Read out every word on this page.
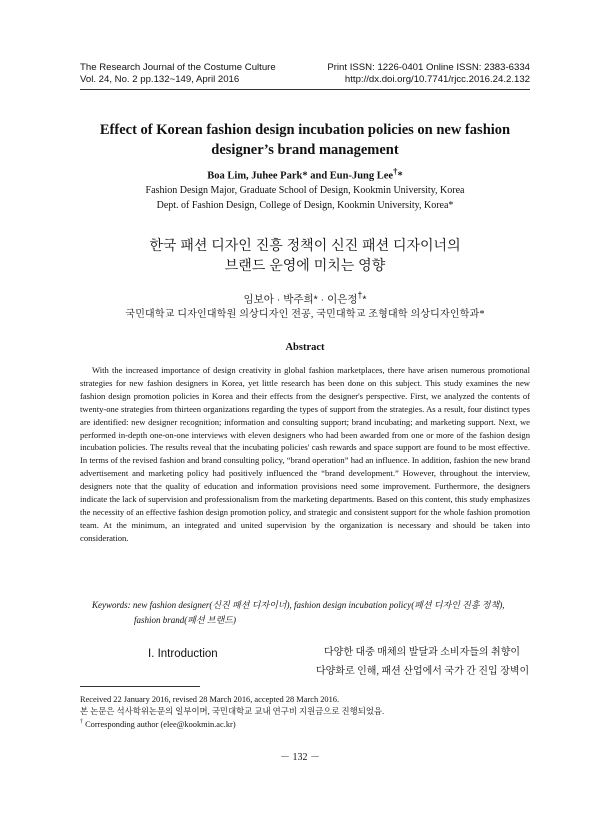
The Research Journal of the Costume Culture	Print ISSN: 1226-0401 Online ISSN: 2383-6334
Vol. 24, No. 2 pp.132~149, April 2016	http://dx.doi.org/10.7741/rjcc.2016.24.2.132
Effect of Korean fashion design incubation policies on new fashion
designer’s brand management
Boa Lim, Juhee Park* and Eun-Jung Lee†*
Fashion Design Major, Graduate School of Design, Kookmin University, Korea
Dept. of Fashion Design, College of Design, Kookmin University, Korea*
한국 패션 디자인 진흥 정책이 신진 패션 디자이너의
브랜드 운영에 미치는 영향
임보아 · 박주희* · 이은정†*
국민대학교 디자인대학원 의상디자인 전공, 국민대학교 조형대학 의상디자인학과*
Abstract

With the increased importance of design creativity in global fashion marketplaces, there have arisen numerous promotional strategies for new fashion designers in Korea, yet little research has been done on this subject. This study examines the new fashion design promotion policies in Korea and their effects from the designer's perspective. First, we analyzed the contents of twenty-one strategies from thirteen organizations regarding the types of support from the strategies. As a result, four distinct types are identified: new designer recognition; information and consulting support; brand incubating; and marketing support. Next, we performed in-depth one-on-one interviews with eleven designers who had been awarded from one or more of the fashion design incubation policies. The results reveal that the incubating policies' cash rewards and space support are found to be most effective. In terms of the revised fashion and brand consulting policy, “brand operation” had an influence. In addition, fashion the new brand advertisement and marketing policy had positively influenced the “brand development.” However, throughout the interview, designers note that the quality of education and information provisions need some improvement. Furthermore, the designers indicate the lack of supervision and professionalism from the marketing departments. Based on this content, this study emphasizes the necessity of an effective fashion design promotion policy, and strategic and consistent support for the whole fashion promotion team. At the minimum, an integrated and united supervision by the organization is necessary and should be taken into consideration.

Keywords: new fashion designer(신진 패션 디자이너), fashion design incubation policy(패션 디자인 진흥 정책),
fashion brand(패션 브랜드)
I. Introduction	다양한 대중 매체의 발달과 소비자들의 취향이
다양화로 인해, 패션 산업에서 국가 간 진입 장벽이
Received 22 January 2016, revised 28 March 2016, accepted 28 March 2016.
본 논문은 석사학위논문의 일부이며, 국민대학교 교내 연구비 지원금으로 진행되었음.
† Corresponding author (elee@kookmin.ac.kr)
－ 132 －
